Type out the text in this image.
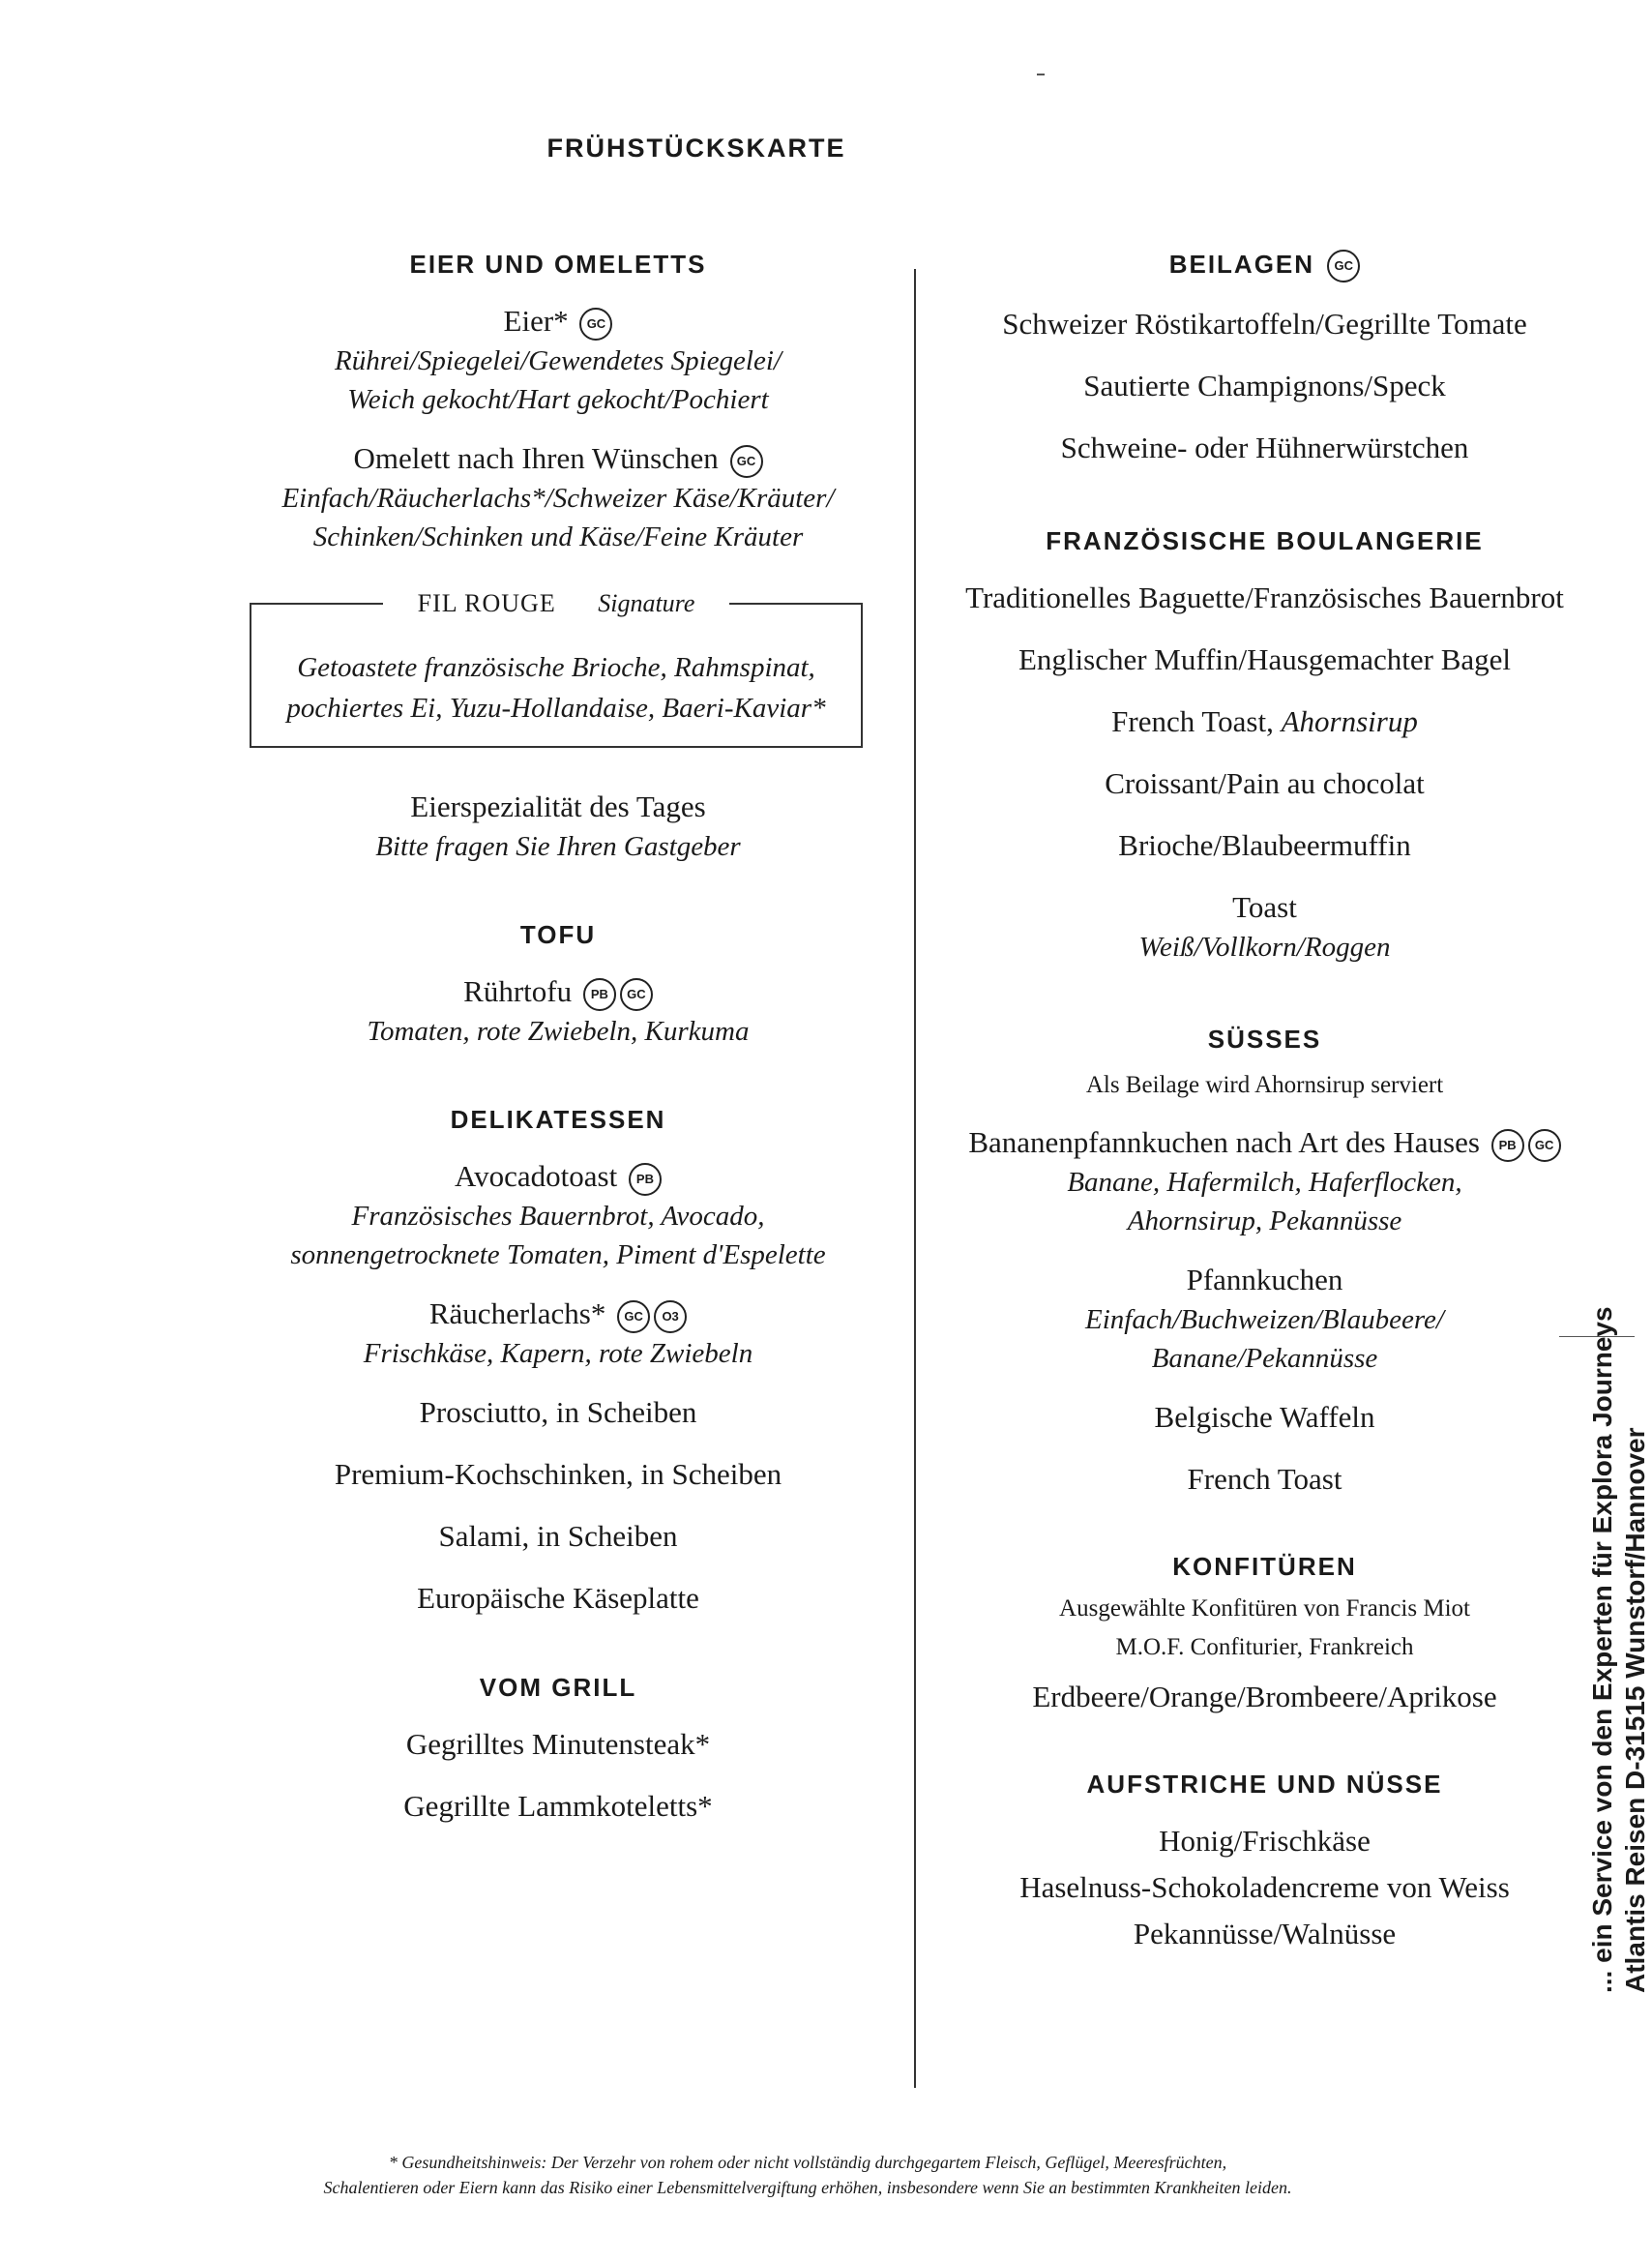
FRÜHSTÜCKSKARTE
EIER UND OMELETTS
Eier* GC
Rührei/Spiegelei/Gewendetes Spiegelei/
Weich gekocht/Hart gekocht/Pochiert
Omelett nach Ihren Wünschen GC
Einfach/Räucherlachs*/Schweizer Käse/Kräuter/
Schinken/Schinken und Käse/Feine Kräuter
FIL ROUGE Signature
Getoastete französische Brioche, Rahmspinat,
pochiertes Ei, Yuzu-Hollandaise, Baeri-Kaviar*
Eierspezialität des Tages
Bitte fragen Sie Ihren Gastgeber
TOFU
Rührtofu PB GC
Tomaten, rote Zwiebeln, Kurkuma
DELIKATESSEN
Avocadotoast PB
Französisches Bauernbrot, Avocado,
sonnengetrocknete Tomaten, Piment d'Espelette
Räucherlachs* GC O3
Frischkäse, Kapern, rote Zwiebeln
Prosciutto, in Scheiben
Premium-Kochschinken, in Scheiben
Salami, in Scheiben
Europäische Käseplatte
VOM GRILL
Gegrilltes Minutensteak*
Gegrillte Lammkoteletts*
BEILAGEN GC
Schweizer Röstikartoffeln/Gegrillte Tomate
Sautierte Champignons/Speck
Schweine- oder Hühnerwürstchen
FRANZÖSISCHE BOULANGERIE
Traditionelles Baguette/Französisches Bauernbrot
Englischer Muffin/Hausgemachter Bagel
French Toast, Ahornsirup
Croissant/Pain au chocolat
Brioche/Blaubeermuffin
Toast
Weiß/Vollkorn/Roggen
SÜSSES
Als Beilage wird Ahornsirup serviert
Bananenpfannkuchen nach Art des Hauses PB GC
Banane, Hafermilch, Haferflocken,
Ahornsirup, Pekannüsse
Pfannkuchen
Einfach/Buchweizen/Blaubeere/
Banane/Pekannüsse
Belgische Waffeln
French Toast
KONFITÜREN
Ausgewählte Konfitüren von Francis Miot
M.O.F. Confiturier, Frankreich
Erdbeere/Orange/Brombeere/Aprikose
AUFSTRICHE UND NÜSSE
Honig/Frischkäse
Haselnuss-Schokoladencreme von Weiss
Pekannüsse/Walnüsse	... ein Service von den Experten für Explora Journeys Atlantis Reisen D-31515 Wunstorf/Hannover
* Gesundheitshinweis: Der Verzehr von rohem oder nicht vollständig durchgegartem Fleisch, Geflügel, Meeresfrüchten,
Schalentieren oder Eiern kann das Risiko einer Lebensmittelvergiftung erhöhen, insbesondere wenn Sie an bestimmten Krankheiten leiden.
